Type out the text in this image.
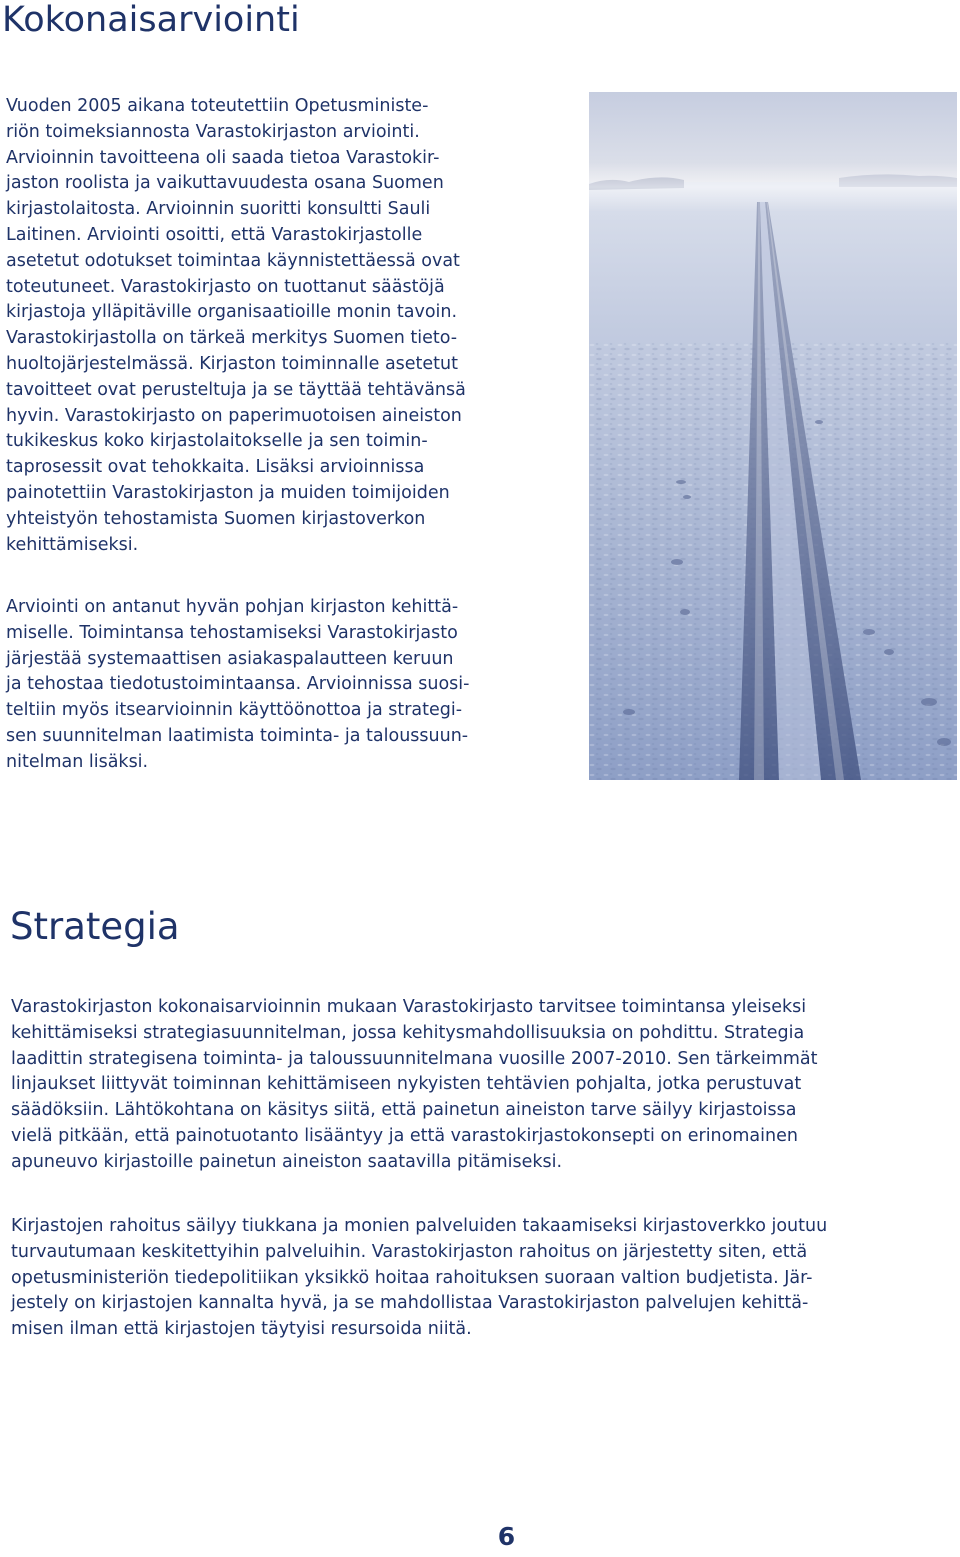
Kokonaisarviointi
Vuoden 2005 aikana toteutettiin Opetusministe-
riön toimeksiannosta Varastokirjaston arviointi.
Arvioinnin tavoitteena oli saada tietoa Varastokir-
jaston roolista ja vaikuttavuudesta osana Suomen
kirjastolaitosta. Arvioinnin suoritti konsultti Sauli
Laitinen. Arviointi osoitti, että Varastokirjastolle
asetetut odotukset toimintaa käynnistettäessä ovat
toteutuneet. Varastokirjasto on tuottanut säästöjä
kirjastoja ylläpitäville organisaatioille monin tavoin.
Varastokirjastolla on tärkeä merkitys Suomen tieto-
huoltojärjestelmässä. Kirjaston toiminnalle asetetut
tavoitteet ovat perusteltuja ja se täyttää tehtävänsä
hyvin. Varastokirjasto on paperimuotoisen aineiston
tukikeskus koko kirjastolaitokselle ja sen toimin-
taprosessit ovat tehokkaita. Lisäksi arvioinnissa
painotettiin Varastokirjaston ja muiden toimijoiden
yhteistyön tehostamista Suomen kirjastoverkon
kehittämiseksi.
Arviointi on antanut hyvän pohjan kirjaston kehittä-
miselle. Toimintansa tehostamiseksi Varastokirjasto
järjestää systemaattisen asiakaspalautteen keruun
ja tehostaa tiedotustoimintaansa. Arvioinnissa suosi-
teltiin myös itsearvioinnin käyttöönottoa ja strategi-
sen suunnitelman laatimista toiminta- ja taloussuun-
nitelman lisäksi.
Strategia
Varastokirjaston kokonaisarvioinnin mukaan Varastokirjasto tarvitsee toimintansa yleiseksi
kehittämiseksi strategiasuunnitelman, jossa kehitysmahdollisuuksia on pohdittu. Strategia
laadittin strategisena toiminta- ja taloussuunnitelmana vuosille 2007-2010. Sen tärkeimmät
linjaukset liittyvät toiminnan kehittämiseen nykyisten tehtävien pohjalta, jotka perustuvat
säädöksiin. Lähtökohtana on käsitys siitä, että painetun aineiston tarve säilyy kirjastoissa
vielä pitkään, että painotuotanto lisääntyy ja että varastokirjastokonsepti on erinomainen
apuneuvo kirjastoille painetun aineiston saatavilla pitämiseksi.
Kirjastojen rahoitus säilyy tiukkana ja monien palveluiden takaamiseksi kirjastoverkko joutuu
turvautumaan keskitettyihin palveluihin. Varastokirjaston rahoitus on järjestetty siten, että
opetusministeriön tiedepolitiikan yksikkö hoitaa rahoituksen suoraan valtion budjetista. Jär-
jestely on kirjastojen kannalta hyvä, ja se mahdollistaa Varastokirjaston palvelujen kehittä-
misen ilman että kirjastojen täytyisi resursoida niitä.
6
